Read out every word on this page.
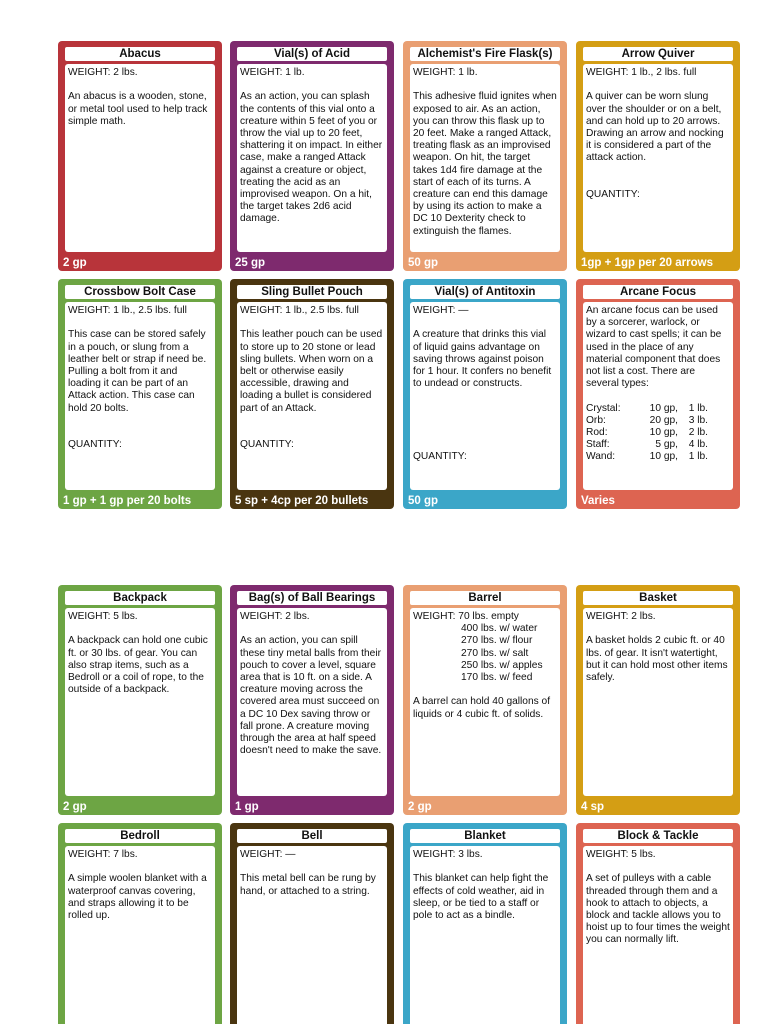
Abacus

WEIGHT: 2 lbs.

An abacus is a wooden, stone, or metal tool used to help track simple math.

2 gp
Vial(s) of Acid

WEIGHT: 1 lb.

As an action, you can splash the contents of this vial onto a creature within 5 feet of you or throw the vial up to 20 feet, shattering it on impact. In either case, make a ranged Attack against a creature or object, treating the acid as an improvised weapon. On a hit, the target takes 2d6 acid damage.

25 gp
Alchemist's Fire Flask(s)

WEIGHT: 1 lb.

This adhesive fluid ignites when exposed to air. As an action, you can throw this flask up to 20 feet. Make a ranged Attack, treating flask as an improvised weapon. On hit, the target takes 1d4 fire damage at the start of each of its turns. A creature can end this damage by using its action to make a DC 10 Dexterity check to extinguish the flames.

50 gp
Arrow Quiver

WEIGHT: 1 lb., 2 lbs. full

A quiver can be worn slung over the shoulder or on a belt, and can hold up to 20 arrows. Drawing an arrow and nocking it is considered a part of the attack action.

QUANTITY:

1gp + 1gp per 20 arrows
Crossbow Bolt Case

WEIGHT: 1 lb., 2.5 lbs. full

This case can be stored safely in a pouch, or slung from a leather belt or strap if need be. Pulling a bolt from it and loading it can be part of an Attack action. This case can hold 20 bolts.

QUANTITY:

1 gp + 1 gp per 20 bolts
Sling Bullet Pouch

WEIGHT: 1 lb., 2.5 lbs. full

This leather pouch can be used to store up to 20 stone or lead sling bullets. When worn on a belt or otherwise easily accessible, drawing and loading a bullet is considered part of an Attack.

QUANTITY:

5 sp + 4cp per 20 bullets
Vial(s) of Antitoxin

WEIGHT: —

A creature that drinks this vial of liquid gains advantage on saving throws against poison for 1 hour. It confers no benefit to undead or constructs.

QUANTITY:

50 gp
Arcane Focus

An arcane focus can be used by a sorcerer, warlock, or wizard to cast spells; it can be used in the place of any material component that does not list a cost. There are several types:

Crystal:	10 gp,	1 lb.
Orb:	20 gp,	3 lb.
Rod:	10 gp,	2 lb.
Staff:	5 gp,	4 lb.
Wand:	10 gp,	1 lb.
Varies
Backpack

WEIGHT: 5 lbs.

A backpack can hold one cubic ft. or 30 lbs. of gear. You can also strap items, such as a Bedroll or a coil of rope, to the outside of a backpack.

2 gp
Bag(s) of Ball Bearings

WEIGHT: 2 lbs.

As an action, you can spill these tiny metal balls from their pouch to cover a level, square area that is 10 ft. on a side. A creature moving across the covered area must succeed on a DC 10 Dex saving throw or fall prone. A creature moving through the area at half speed doesn't need to make the save.

1 gp
Barrel

WEIGHT: 70 lbs. empty

400 lbs. w/ water

270 lbs. w/ flour

270 lbs. w/ salt

250 lbs. w/ apples

170 lbs. w/ feed

A barrel can hold 40 gallons of liquids or 4 cubic ft. of solids.

2 gp
Basket

WEIGHT: 2 lbs.

A basket holds 2 cubic ft. or 40 lbs. of gear. It isn't watertight, but it can hold most other items safely.

4 sp
Bedroll

WEIGHT: 7 lbs.

A simple woolen blanket with a waterproof canvas covering, and straps allowing it to be rolled up.

Bell

WEIGHT: —

This metal bell can be rung by hand, or attached to a string.

Blanket

WEIGHT: 3 lbs.

This blanket can help fight the effects of cold weather, aid in sleep, or be tied to a staff or pole to act as a bindle.

Block & Tackle

WEIGHT: 5 lbs.

A set of pulleys with a cable threaded through them and a hook to attach to objects, a block and tackle allows you to hoist up to four times the weight you can normally lift.
